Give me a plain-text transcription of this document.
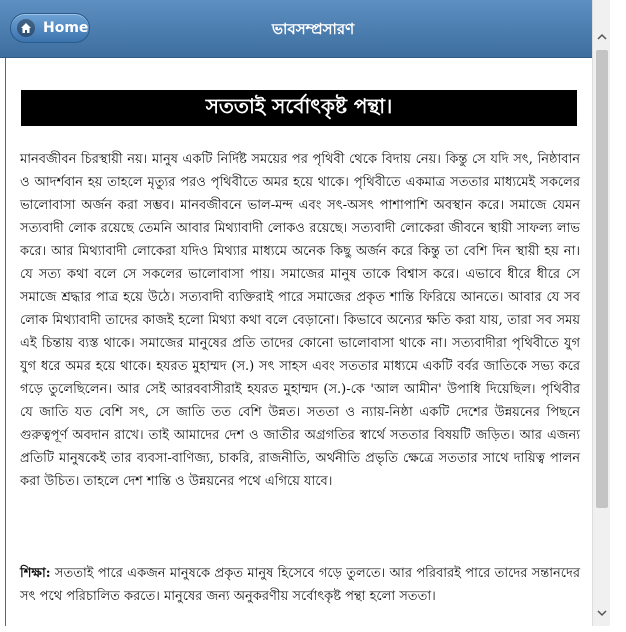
Home	ভাবসম্প্রসারণ
সততাই সর্বোৎকৃষ্ট পন্থা।

মানবজীবন চিরস্থায়ী নয়। মানুষ একটি নির্দিষ্ট সময়ের পর পৃথিবী থেকে বিদায় নেয়। কিন্তু সে যদি সৎ, নিষ্ঠাবান ও আদর্শবান হয় তাহলে মৃত্যুর পরও পৃথিবীতে অমর হয়ে থাকে। পৃথিবীতে একমাত্র সততার মাধ্যমেই সকলের ভালোবাসা অর্জন করা সম্ভব। মানবজীবনে ভাল-মন্দ এবং সৎ-অসৎ পাশাপাশি অবস্থান করে। সমাজে যেমন সত্যবাদী লোক রয়েছে তেমনি আবার মিথ্যাবাদী লোকও রয়েছে। সত্যবাদী লোকেরা জীবনে স্থায়ী সাফল্য লাভ করে। আর মিথ্যাবাদী লোকেরা যদিও মিথ্যার মাধ্যমে অনেক কিছু অর্জন করে কিন্তু তা বেশি দিন স্থায়ী হয় না। যে সত্য কথা বলে সে সকলের ভালোবাসা পায়। সমাজের মানুষ তাকে বিশ্বাস করে। এভাবে ধীরে ধীরে সে সমাজে শ্রদ্ধার পাত্র হয়ে উঠে। সত্যবাদী ব্যক্তিরাই পারে সমাজের প্রকৃত শান্তি ফিরিয়ে আনতে। আবার যে সব লোক মিথ্যাবাদী তাদের কাজই হলো মিথ্যা কথা বলে বেড়ানো। কিভাবে অন্যের ক্ষতি করা যায়, তারা সব সময় এই চিন্তায় ব্যস্ত থাকে। সমাজের মানুষের প্রতি তাদের কোনো ভালোবাসা থাকে না। সত্যবাদীরা পৃথিবীতে যুগ যুগ ধরে অমর হয়ে থাকে। হযরত মুহাম্মদ (স.) সৎ সাহস এবং সততার মাধ্যমে একটি বর্বর জাতিকে সভ্য করে গড়ে তুলেছিলেন। আর সেই আরববাসীরাই হযরত মুহাম্মদ (স.)-কে 'আল আমীন' উপাধি দিয়েছিল। পৃথিবীর যে জাতি যত বেশি সৎ, সে জাতি তত বেশি উন্নত। সততা ও ন্যায়-নিষ্ঠা একটি দেশের উন্নয়নের পিছনে গুরুত্বপূর্ণ অবদান রাখে। তাই আমাদের দেশ ও জাতীর অগ্রগতির স্বার্থে সততার বিষয়টি জড়িত। আর এজন্য প্রতিটি মানুষকেই তার ব্যবসা-বাণিজ্য, চাকরি, রাজনীতি, অর্থনীতি প্রভৃতি ক্ষেত্রে সততার সাথে দায়িত্ব পালন করা উচিত। তাহলে দেশ শান্তি ও উন্নয়নের পথে এগিয়ে যাবে।

শিক্ষা: সততাই পারে একজন মানুষকে প্রকৃত মানুষ হিসেবে গড়ে তুলতে। আর পরিবারই পারে তাদের সন্তানদের সৎ পথে পরিচালিত করতে। মানুষের জন্য অনুকরণীয় সর্বোৎকৃষ্ট পন্থা হলো সততা।
